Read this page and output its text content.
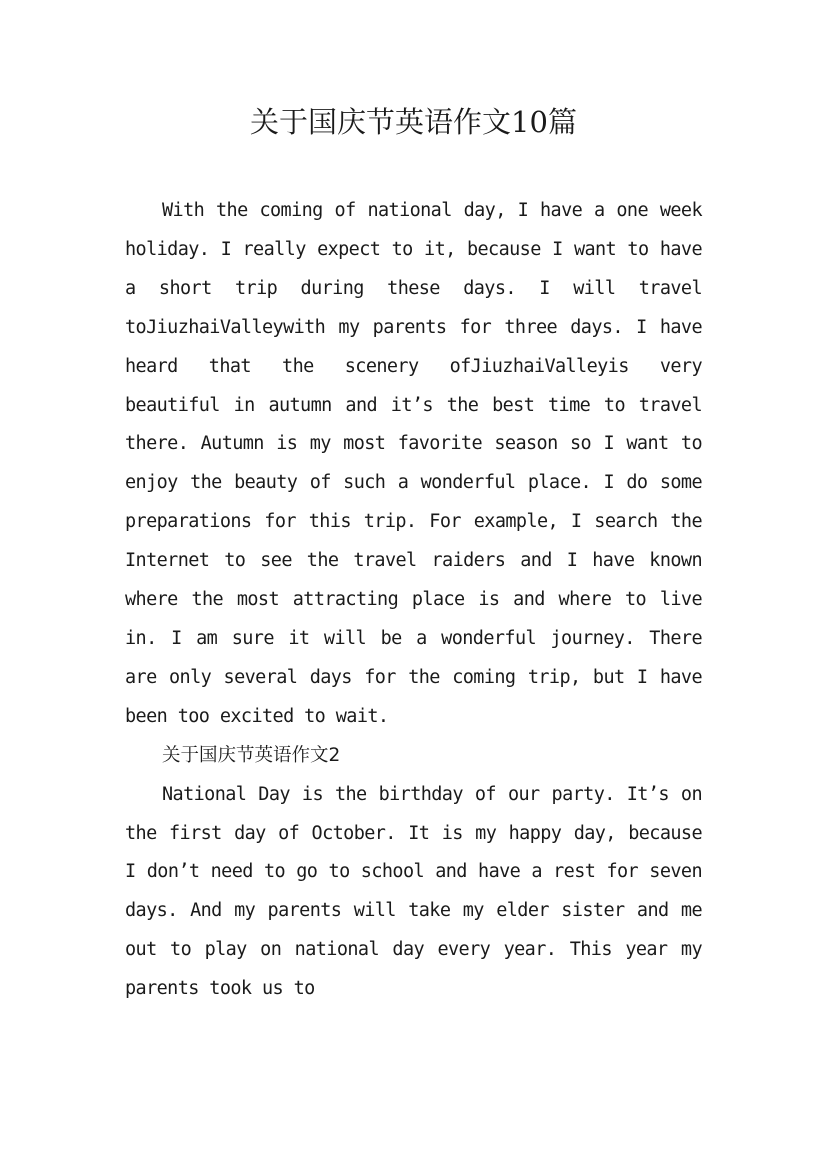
关于国庆节英语作文10篇

With the coming of national day, I have a one week holiday. I really expect to it, because I want to have a short trip during these days. I will travel toJiuzhaiValleywith my parents for three days. I have heard that the scenery ofJiuzhaiValleyis very beautiful in autumn and it’s the best time to travel there. Autumn is my most favorite season so I want to enjoy the beauty of such a wonderful place. I do some preparations for this trip. For example, I search the Internet to see the travel raiders and I have known where the most attracting place is and where to live in. I am sure it will be a wonderful journey. There are only several days for the coming trip, but I have been too excited to wait.

关于国庆节英语作文2

National Day is the birthday of our party. It’s on the first day of October. It is my happy day, because I don’t need to go to school and have a rest for seven days. And my parents will take my elder sister and me out to play on national day every year. This year my parents took us to
